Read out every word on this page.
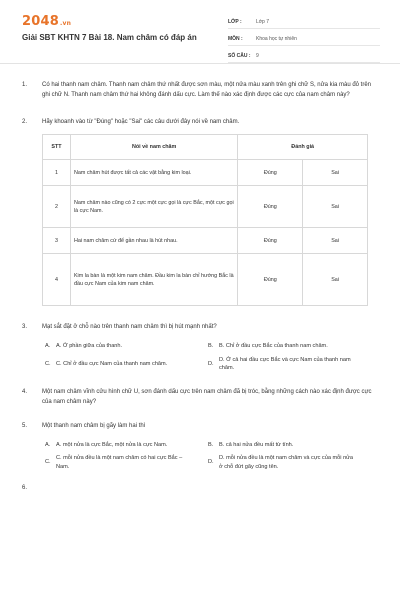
2048.vn
Giải SBT KHTN 7 Bài 18. Nam châm có đáp án
LỚP :	Lớp 7
MÔN :	Khoa học tự nhiên
SỐ CÂU :	9
1.	Có hai thanh nam châm. Thanh nam châm thứ nhất được sơn màu, một nửa màu xanh trên ghi chữ S, nửa kia màu đỏ trên ghi chữ N. Thanh nam châm thứ hai không đánh dấu cực. Làm thế nào xác định được các cực của nam châm này?
2.	Hãy khoanh vào từ "Đúng" hoặc "Sai" các câu dưới đây nói về nam châm.
STT	Nói về nam châm	Đánh giá	
1	Nam châm hút được tất cả các vật bằng kim loại.	Đúng	Sai
2	Nam châm nào cũng có 2 cực một cực gọi là cực Bắc, một cực gọi là cực Nam.	Đúng	Sai
3	Hai nam châm cứ để gần nhau là hút nhau.	Đúng	Sai
4	Kim la bàn là một kim nam châm. Đầu kim la bàn chỉ hướng Bắc là đầu cực Nam của kim nam châm.	Đúng	Sai
3.	Mạt sắt đặt ở chỗ nào trên thanh nam châm thì bị hút mạnh nhất?
A.	A. Ở phần giữa của thanh.	B.	B. Chỉ ở đầu cực Bắc của thanh nam châm.
C. C. Chỉ ở đầu cực Nam của thanh nam châm.	D.
D. Ở cả hai đầu cực Bắc và cực Nam của thanh nam châm.
4.	Một nam châm vĩnh cửu hình chữ U, sơn đánh dấu cực trên nam châm đã bị tróc, bằng những cách nào xác định được cực của nam châm này?
5.	Một thanh nam châm bị gãy làm hai thì
A.	A. một nửa là cực Bắc, một nửa là cực Nam.	B.	B. cả hai nửa đều mất từ tính.
C.
C. mỗi nửa đều là một nam châm có hai cực Bắc – Nam.
D.
D. mỗi nửa đều là một nam châm và cực của mỗi nửa ở chỗ đứt gãy cũng tên.
6.
